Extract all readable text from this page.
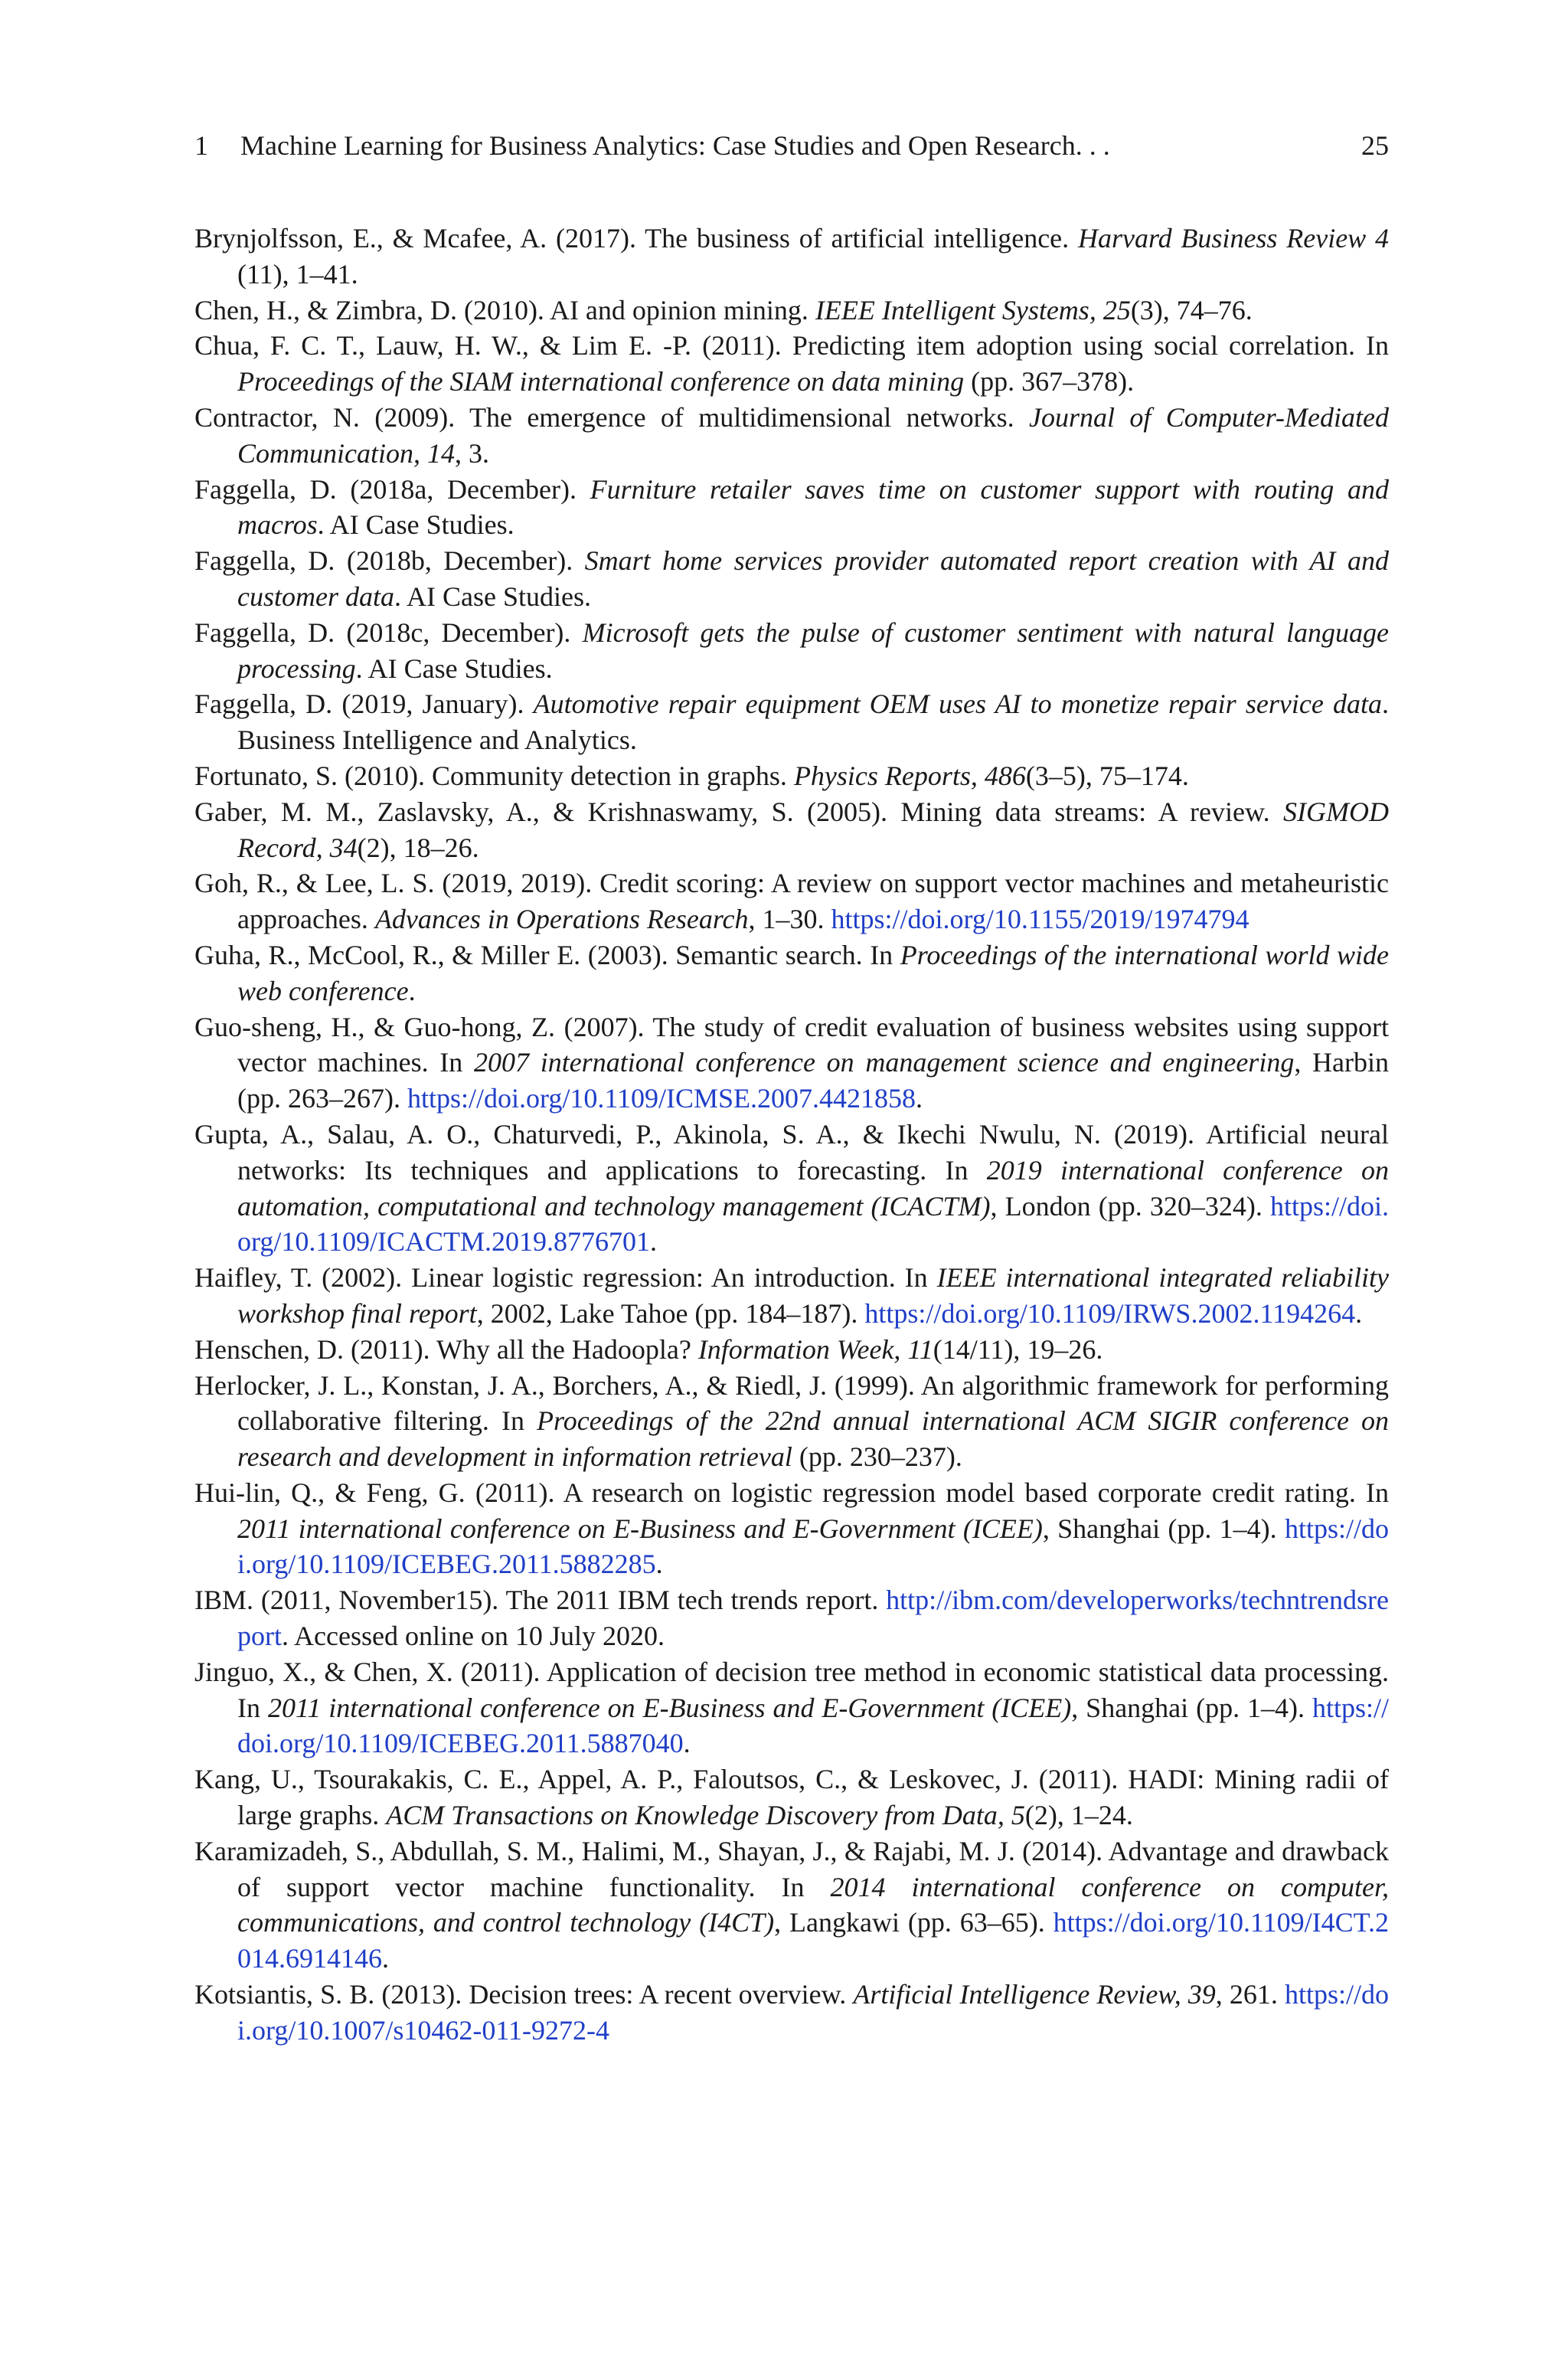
1 Machine Learning for Business Analytics: Case Studies and Open Research. . .	25
Brynjolfsson, E., & Mcafee, A. (2017). The business of artificial intelligence. Harvard Business Review 4 (11), 1–41.
Chen, H., & Zimbra, D. (2010). AI and opinion mining. IEEE Intelligent Systems, 25(3), 74–76.
Chua, F. C. T., Lauw, H. W., & Lim E. -P. (2011). Predicting item adoption using social correlation. In Proceedings of the SIAM international conference on data mining (pp. 367–378).
Contractor, N. (2009). The emergence of multidimensional networks. Journal of Computer-Mediated Communication, 14, 3.
Faggella, D. (2018a, December). Furniture retailer saves time on customer support with routing and macros. AI Case Studies.
Faggella, D. (2018b, December). Smart home services provider automated report creation with AI and customer data. AI Case Studies.
Faggella, D. (2018c, December). Microsoft gets the pulse of customer sentiment with natural language processing. AI Case Studies.
Faggella, D. (2019, January). Automotive repair equipment OEM uses AI to monetize repair service data. Business Intelligence and Analytics.
Fortunato, S. (2010). Community detection in graphs. Physics Reports, 486(3–5), 75–174.
Gaber, M. M., Zaslavsky, A., & Krishnaswamy, S. (2005). Mining data streams: A review. SIGMOD Record, 34(2), 18–26.
Goh, R., & Lee, L. S. (2019, 2019). Credit scoring: A review on support vector machines and metaheuristic approaches. Advances in Operations Research, 1–30. https://doi.org/10.1155/2019/1974794
Guha, R., McCool, R., & Miller E. (2003). Semantic search. In Proceedings of the international world wide web conference.
Guo-sheng, H., & Guo-hong, Z. (2007). The study of credit evaluation of business websites using support vector machines. In 2007 international conference on management science and engineering, Harbin (pp. 263–267). https://doi.org/10.1109/ICMSE.2007.4421858.
Gupta, A., Salau, A. O., Chaturvedi, P., Akinola, S. A., & Ikechi Nwulu, N. (2019). Artificial neural networks: Its techniques and applications to forecasting. In 2019 international conference on automation, computational and technology management (ICACTM), London (pp. 320–324). https://doi.org/10.1109/ICACTM.2019.8776701.
Haifley, T. (2002). Linear logistic regression: An introduction. In IEEE international integrated reliability workshop final report, 2002, Lake Tahoe (pp. 184–187). https://doi.org/10.1109/IRWS.2002.1194264.
Henschen, D. (2011). Why all the Hadoopla? Information Week, 11(14/11), 19–26.
Herlocker, J. L., Konstan, J. A., Borchers, A., & Riedl, J. (1999). An algorithmic framework for performing collaborative filtering. In Proceedings of the 22nd annual international ACM SIGIR conference on research and development in information retrieval (pp. 230–237).
Hui-lin, Q., & Feng, G. (2011). A research on logistic regression model based corporate credit rating. In 2011 international conference on E-Business and E-Government (ICEE), Shanghai (pp. 1–4). https://doi.org/10.1109/ICEBEG.2011.5882285.
IBM. (2011, November15). The 2011 IBM tech trends report. http://ibm.com/developerworks/techntrendsreport. Accessed online on 10 July 2020.
Jinguo, X., & Chen, X. (2011). Application of decision tree method in economic statistical data processing. In 2011 international conference on E-Business and E-Government (ICEE), Shanghai (pp. 1–4). https://doi.org/10.1109/ICEBEG.2011.5887040.
Kang, U., Tsourakakis, C. E., Appel, A. P., Faloutsos, C., & Leskovec, J. (2011). HADI: Mining radii of large graphs. ACM Transactions on Knowledge Discovery from Data, 5(2), 1–24.
Karamizadeh, S., Abdullah, S. M., Halimi, M., Shayan, J., & Rajabi, M. J. (2014). Advantage and drawback of support vector machine functionality. In 2014 international conference on computer, communications, and control technology (I4CT), Langkawi (pp. 63–65). https://doi.org/10.1109/I4CT.2014.6914146.
Kotsiantis, S. B. (2013). Decision trees: A recent overview. Artificial Intelligence Review, 39, 261. https://doi.org/10.1007/s10462-011-9272-4
